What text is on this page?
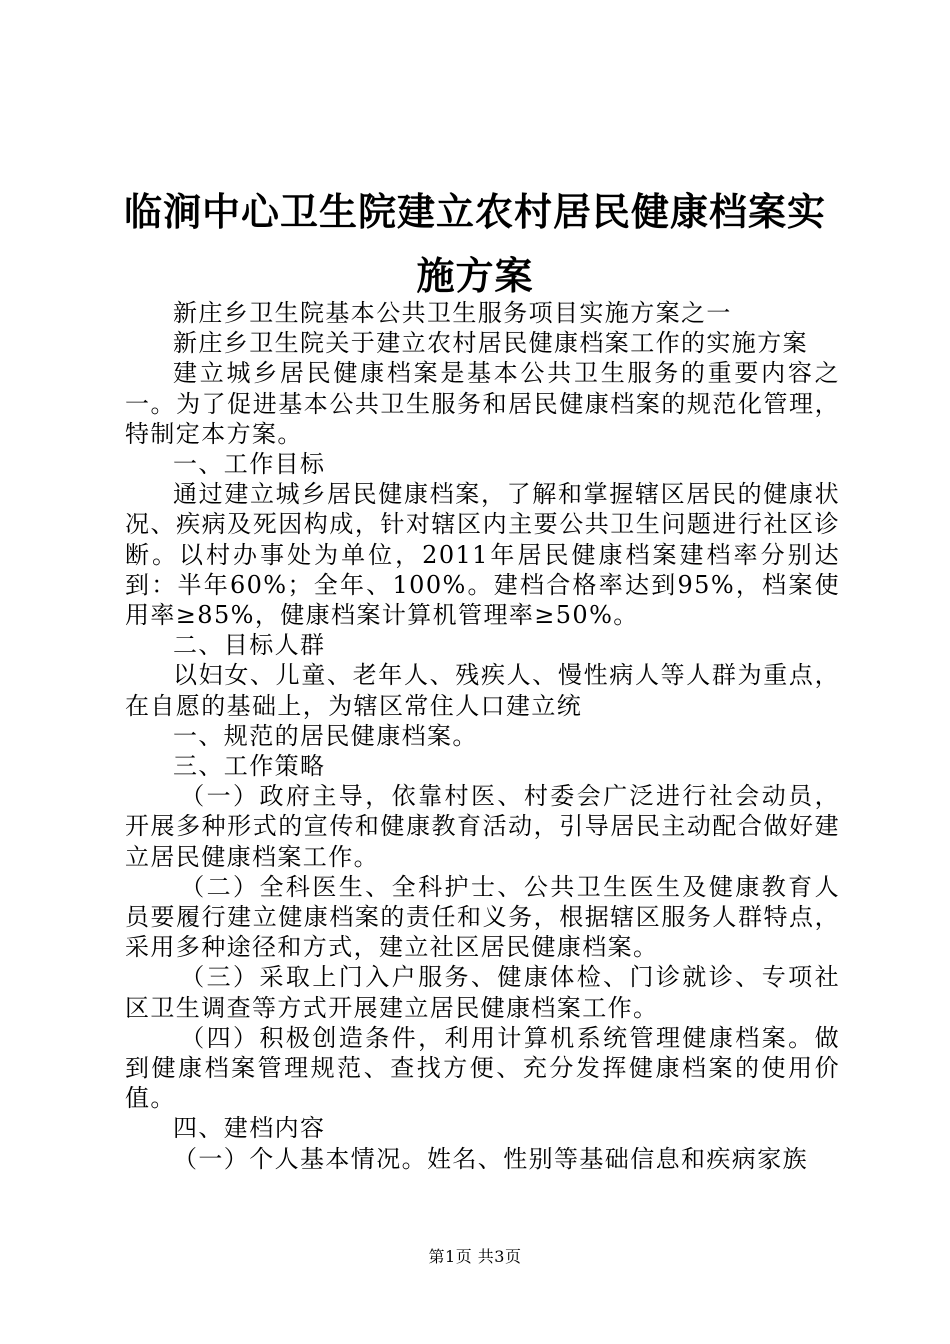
临涧中心卫生院建立农村居民健康档案实施方案

新庄乡卫生院基本公共卫生服务项目实施方案之一

新庄乡卫生院关于建立农村居民健康档案工作的实施方案

建立城乡居民健康档案是基本公共卫生服务的重要内容之一。为了促进基本公共卫生服务和居民健康档案的规范化管理，特制定本方案。

一、工作目标

通过建立城乡居民健康档案，了解和掌握辖区居民的健康状况、疾病及死因构成，针对辖区内主要公共卫生问题进行社区诊断。以村办事处为单位，2011年居民健康档案建档率分别达到：半年60%；全年、100%。建档合格率达到95%，档案使用率≥85%，健康档案计算机管理率≥50%。

二、目标人群

以妇女、儿童、老年人、残疾人、慢性病人等人群为重点，在自愿的基础上，为辖区常住人口建立统

一、规范的居民健康档案。

三、工作策略

（一）政府主导，依靠村医、村委会广泛进行社会动员，开展多种形式的宣传和健康教育活动，引导居民主动配合做好建立居民健康档案工作。

（二）全科医生、全科护士、公共卫生医生及健康教育人员要履行建立健康档案的责任和义务，根据辖区服务人群特点，采用多种途径和方式，建立社区居民健康档案。

（三）采取上门入户服务、健康体检、门诊就诊、专项社区卫生调查等方式开展建立居民健康档案工作。

（四）积极创造条件，利用计算机系统管理健康档案。做到健康档案管理规范、查找方便、充分发挥健康档案的使用价值。

四、建档内容

（一）个人基本情况。姓名、性别等基础信息和疾病家族

第1页 共3页
